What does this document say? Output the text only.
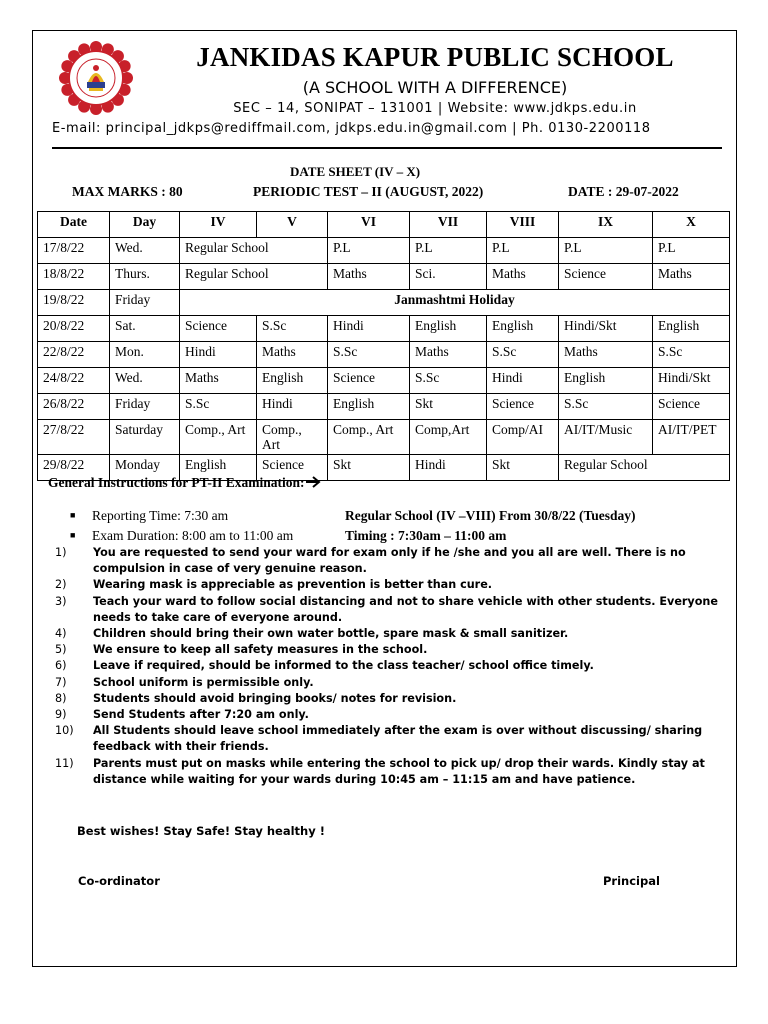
JANKIDAS KAPUR PUBLIC SCHOOL
(A SCHOOL WITH A DIFFERENCE)
SEC – 14, SONIPAT – 131001 | Website: www.jdkps.edu.in
E-mail: principal_jdkps@rediffmail.com, jdkps.edu.in@gmail.com | Ph. 0130-2200118
DATE SHEET (IV – X)
MAX MARKS : 80	PERIODIC TEST – II (AUGUST, 2022)	DATE : 29-07-2022
Date	Day	IV	V	VI	VII	VIII	IX	X
17/8/22	Wed.	Regular School		P.L	P.L	P.L	P.L	P.L
18/8/22	Thurs.	Regular School		Maths	Sci.	Maths	Science	Maths
19/8/22	Friday	Janmashtmi Holiday						
20/8/22	Sat.	Science	S.Sc	Hindi	English	English	Hindi/Skt	English
22/8/22	Mon.	Hindi	Maths	S.Sc	Maths	S.Sc	Maths	S.Sc
24/8/22	Wed.	Maths	English	Science	S.Sc	Hindi	English	Hindi/Skt
26/8/22	Friday	S.Sc	Hindi	English	Skt	Science	S.Sc	Science
27/8/22	Saturday	Comp., Art	Comp., Art	Comp., Art	Comp,Art	Comp/AI	AI/IT/Music	AI/IT/PET
29/8/22	Monday	English	Science	Skt	Hindi	Skt	Regular School	
General Instructions for PT-II Examination:
■ Reporting Time: 7:30 am	Regular School (IV –VIII) From 30/8/22 (Tuesday)
■ Exam Duration: 8:00 am to 11:00 am	Timing : 7:30am – 11:00 am
1) You are requested to send your ward for exam only if he /she and you all are well. There is no compulsion in case of very genuine reason.
2) Wearing mask is appreciable as prevention is better than cure.
3) Teach your ward to follow social distancing and not to share vehicle with other students. Everyone needs to take care of everyone around.
4) Children should bring their own water bottle, spare mask & small sanitizer.
5) We ensure to keep all safety measures in the school.
6) Leave if required, should be informed to the class teacher/ school office timely.
7) School uniform is permissible only.
8) Students should avoid bringing books/ notes for revision.
9) Send Students after 7:20 am only.
10) All Students should leave school immediately after the exam is over without discussing/ sharing feedback with their friends.
11) Parents must put on masks while entering the school to pick up/ drop their wards. Kindly stay at distance while waiting for your wards during 10:45 am – 11:15 am and have patience.
Best wishes! Stay Safe! Stay healthy !
Co-ordinator	Principal
